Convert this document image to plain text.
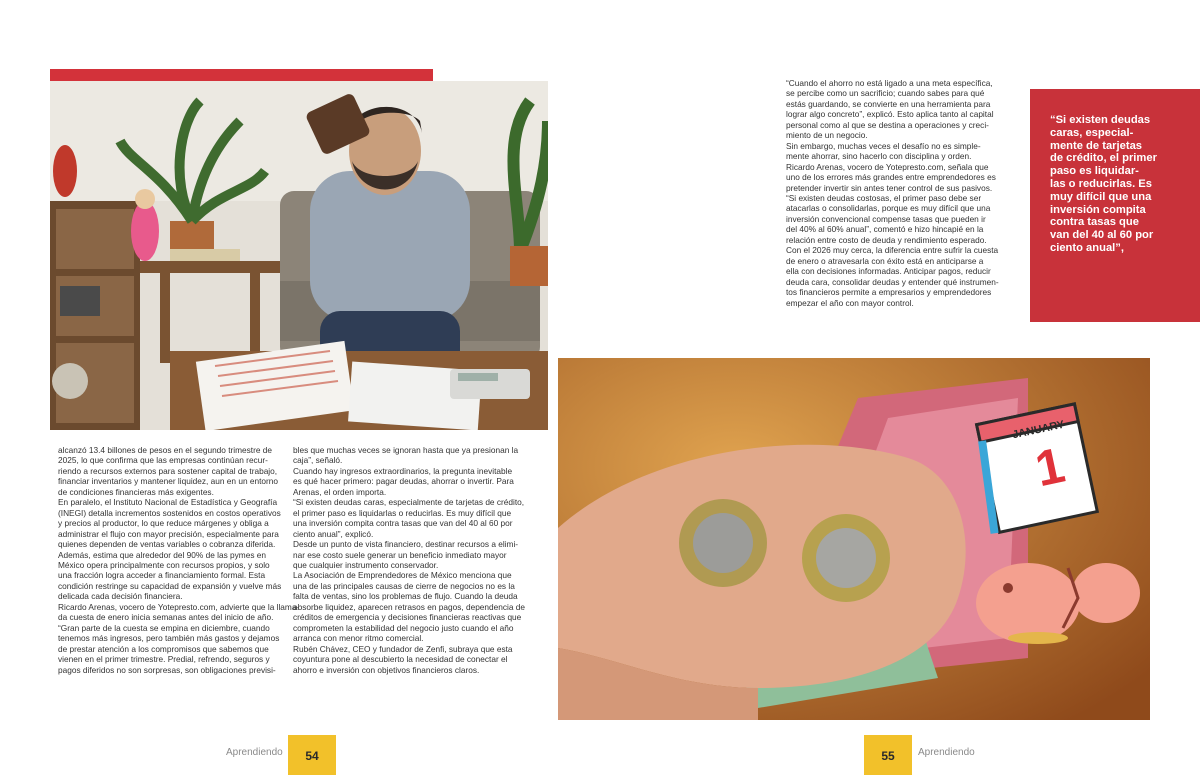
JANUARY
1

alcanzó 13.4 billones de pesos en el segundo trimestre de

2025, lo que confirma que las empresas continúan recur-

riendo a recursos externos para sostener capital de trabajo,

financiar inventarios y mantener liquidez, aun en un entorno

de condiciones financieras más exigentes.

En paralelo, el Instituto Nacional de Estadística y Geografía

(INEGI) detalla incrementos sostenidos en costos operativos

y precios al productor, lo que reduce márgenes y obliga a

administrar el flujo con mayor precisión, especialmente para

quienes dependen de ventas variables o cobranza diferida.

Además, estima que alrededor del 90% de las pymes en

México opera principalmente con recursos propios, y solo

una fracción logra acceder a financiamiento formal. Esta

condición restringe su capacidad de expansión y vuelve más

delicada cada decisión financiera.

Ricardo Arenas, vocero de Yotepresto.com, advierte que la llama-

da cuesta de enero inicia semanas antes del inicio de año.

“Gran parte de la cuesta se empina en diciembre, cuando

tenemos más ingresos, pero también más gastos y dejamos

de prestar atención a los compromisos que sabemos que

vienen en el primer trimestre. Predial, refrendo, seguros y

pagos diferidos no son sorpresas, son obligaciones previsi-

bles que muchas veces se ignoran hasta que ya presionan la

caja”, señaló.

Cuando hay ingresos extraordinarios, la pregunta inevitable

es qué hacer primero: pagar deudas, ahorrar o invertir. Para

Arenas, el orden importa.

“Si existen deudas caras, especialmente de tarjetas de crédito,

el primer paso es liquidarlas o reducirlas. Es muy difícil que

una inversión compita contra tasas que van del 40 al 60 por

ciento anual”, explicó.

Desde un punto de vista financiero, destinar recursos a elimi-

nar ese costo suele generar un beneficio inmediato mayor

que cualquier instrumento conservador.

La Asociación de Emprendedores de México menciona que

una de las principales causas de cierre de negocios no es la

falta de ventas, sino los problemas de flujo. Cuando la deuda

absorbe liquidez, aparecen retrasos en pagos, dependencia de

créditos de emergencia y decisiones financieras reactivas que

comprometen la estabilidad del negocio justo cuando el año

arranca con menor ritmo comercial.

Rubén Chávez, CEO y fundador de Zenfi, subraya que esta

coyuntura pone al descubierto la necesidad de conectar el

ahorro e inversión con objetivos financieros claros.

“Cuando el ahorro no está ligado a una meta específica,

se percibe como un sacrificio; cuando sabes para qué

estás guardando, se convierte en una herramienta para

lograr algo concreto”, explicó. Esto aplica tanto al capital

personal como al que se destina a operaciones y creci-

miento de un negocio.

Sin embargo, muchas veces el desafío no es simple-

mente ahorrar, sino hacerlo con disciplina y orden.

Ricardo Arenas, vocero de Yotepresto.com, señala que

uno de los errores más grandes entre emprendedores es

pretender invertir sin antes tener control de sus pasivos.

“Si existen deudas costosas, el primer paso debe ser

atacarlas o consolidarlas, porque es muy difícil que una

inversión convencional compense tasas que pueden ir

del 40% al 60% anual”, comentó e hizo hincapié en la

relación entre costo de deuda y rendimiento esperado.

Con el 2026 muy cerca, la diferencia entre sufrir la cuesta

de enero o atravesarla con éxito está en anticiparse a

ella con decisiones informadas. Anticipar pagos, reducir

deuda cara, consolidar deudas y entender qué instrumen-

tos financieros permite a empresarios y emprendedores

empezar el año con mayor control.

“Si existen deudas

caras, especial-

mente de tarjetas

de crédito, el primer

paso es liquidar-

las o reducirlas. Es

muy difícil que una

inversión compita

contra tasas que

van del 40 al 60 por

ciento anual”,

Aprendiendo	54	55	Aprendiendo
